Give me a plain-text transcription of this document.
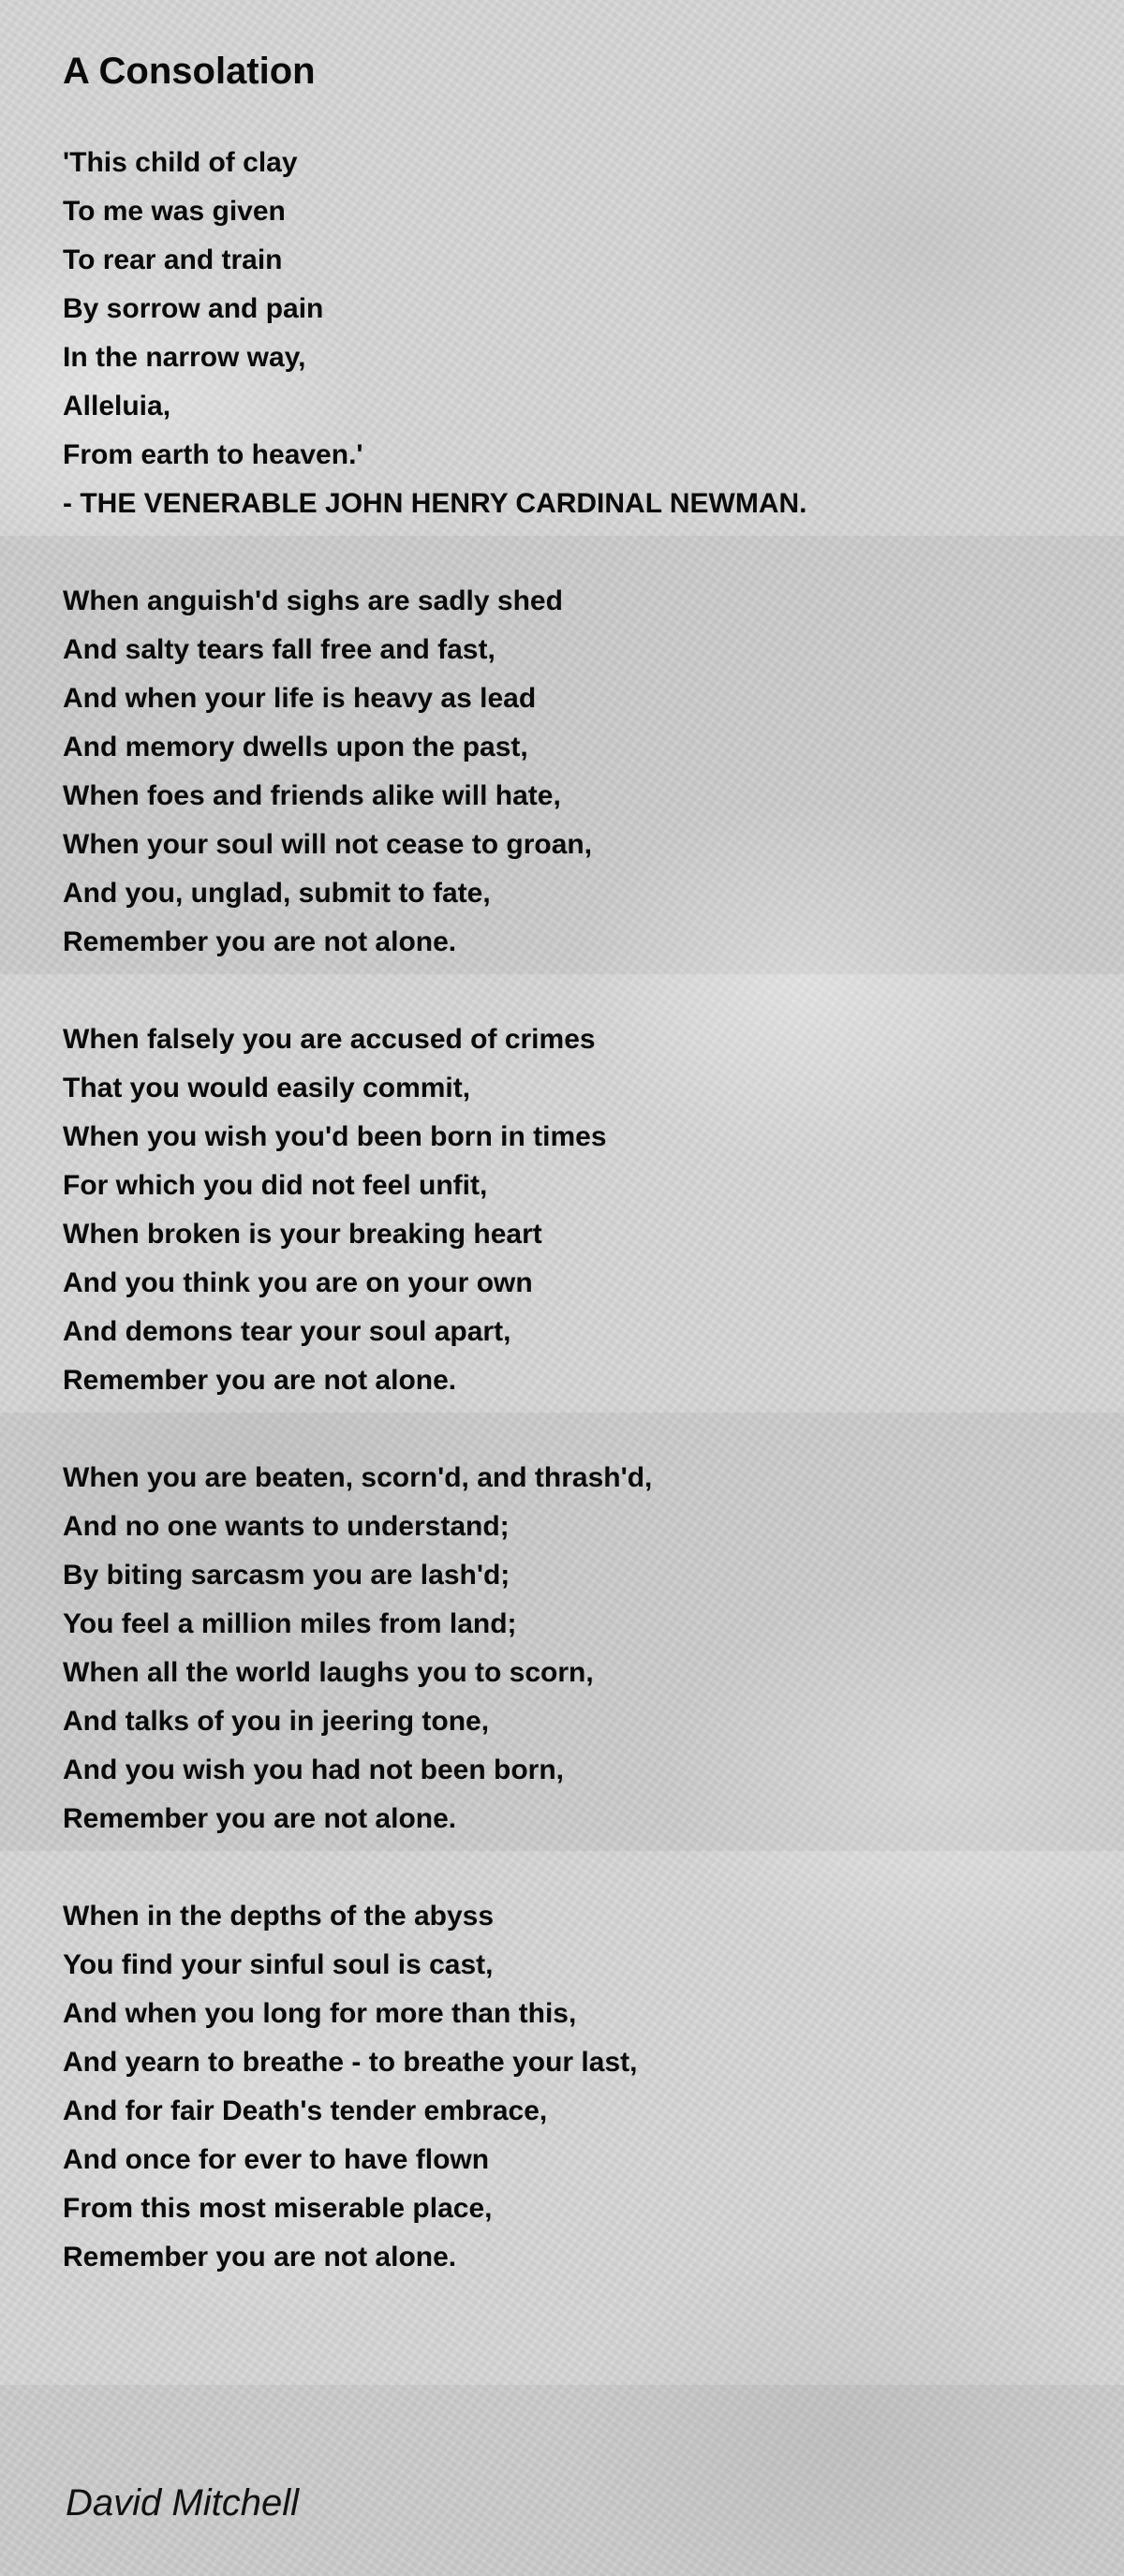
A Consolation
'This child of clay
To me was given
To rear and train
By sorrow and pain
In the narrow way,
Alleluia,
From earth to heaven.'
- THE VENERABLE JOHN HENRY CARDINAL NEWMAN.
When anguish'd sighs are sadly shed
And salty tears fall free and fast,
And when your life is heavy as lead
And memory dwells upon the past,
When foes and friends alike will hate,
When your soul will not cease to groan,
And you, unglad, submit to fate,
Remember you are not alone.
When falsely you are accused of crimes
That you would easily commit,
When you wish you'd been born in times
For which you did not feel unfit,
When broken is your breaking heart
And you think you are on your own
And demons tear your soul apart,
Remember you are not alone.
When you are beaten, scorn'd, and thrash'd,
And no one wants to understand;
By biting sarcasm you are lash'd;
You feel a million miles from land;
When all the world laughs you to scorn,
And talks of you in jeering tone,
And you wish you had not been born,
Remember you are not alone.
When in the depths of the abyss
You find your sinful soul is cast,
And when you long for more than this,
And yearn to breathe - to breathe your last,
And for fair Death's tender embrace,
And once for ever to have flown
From this most miserable place,
Remember you are not alone.
David Mitchell
